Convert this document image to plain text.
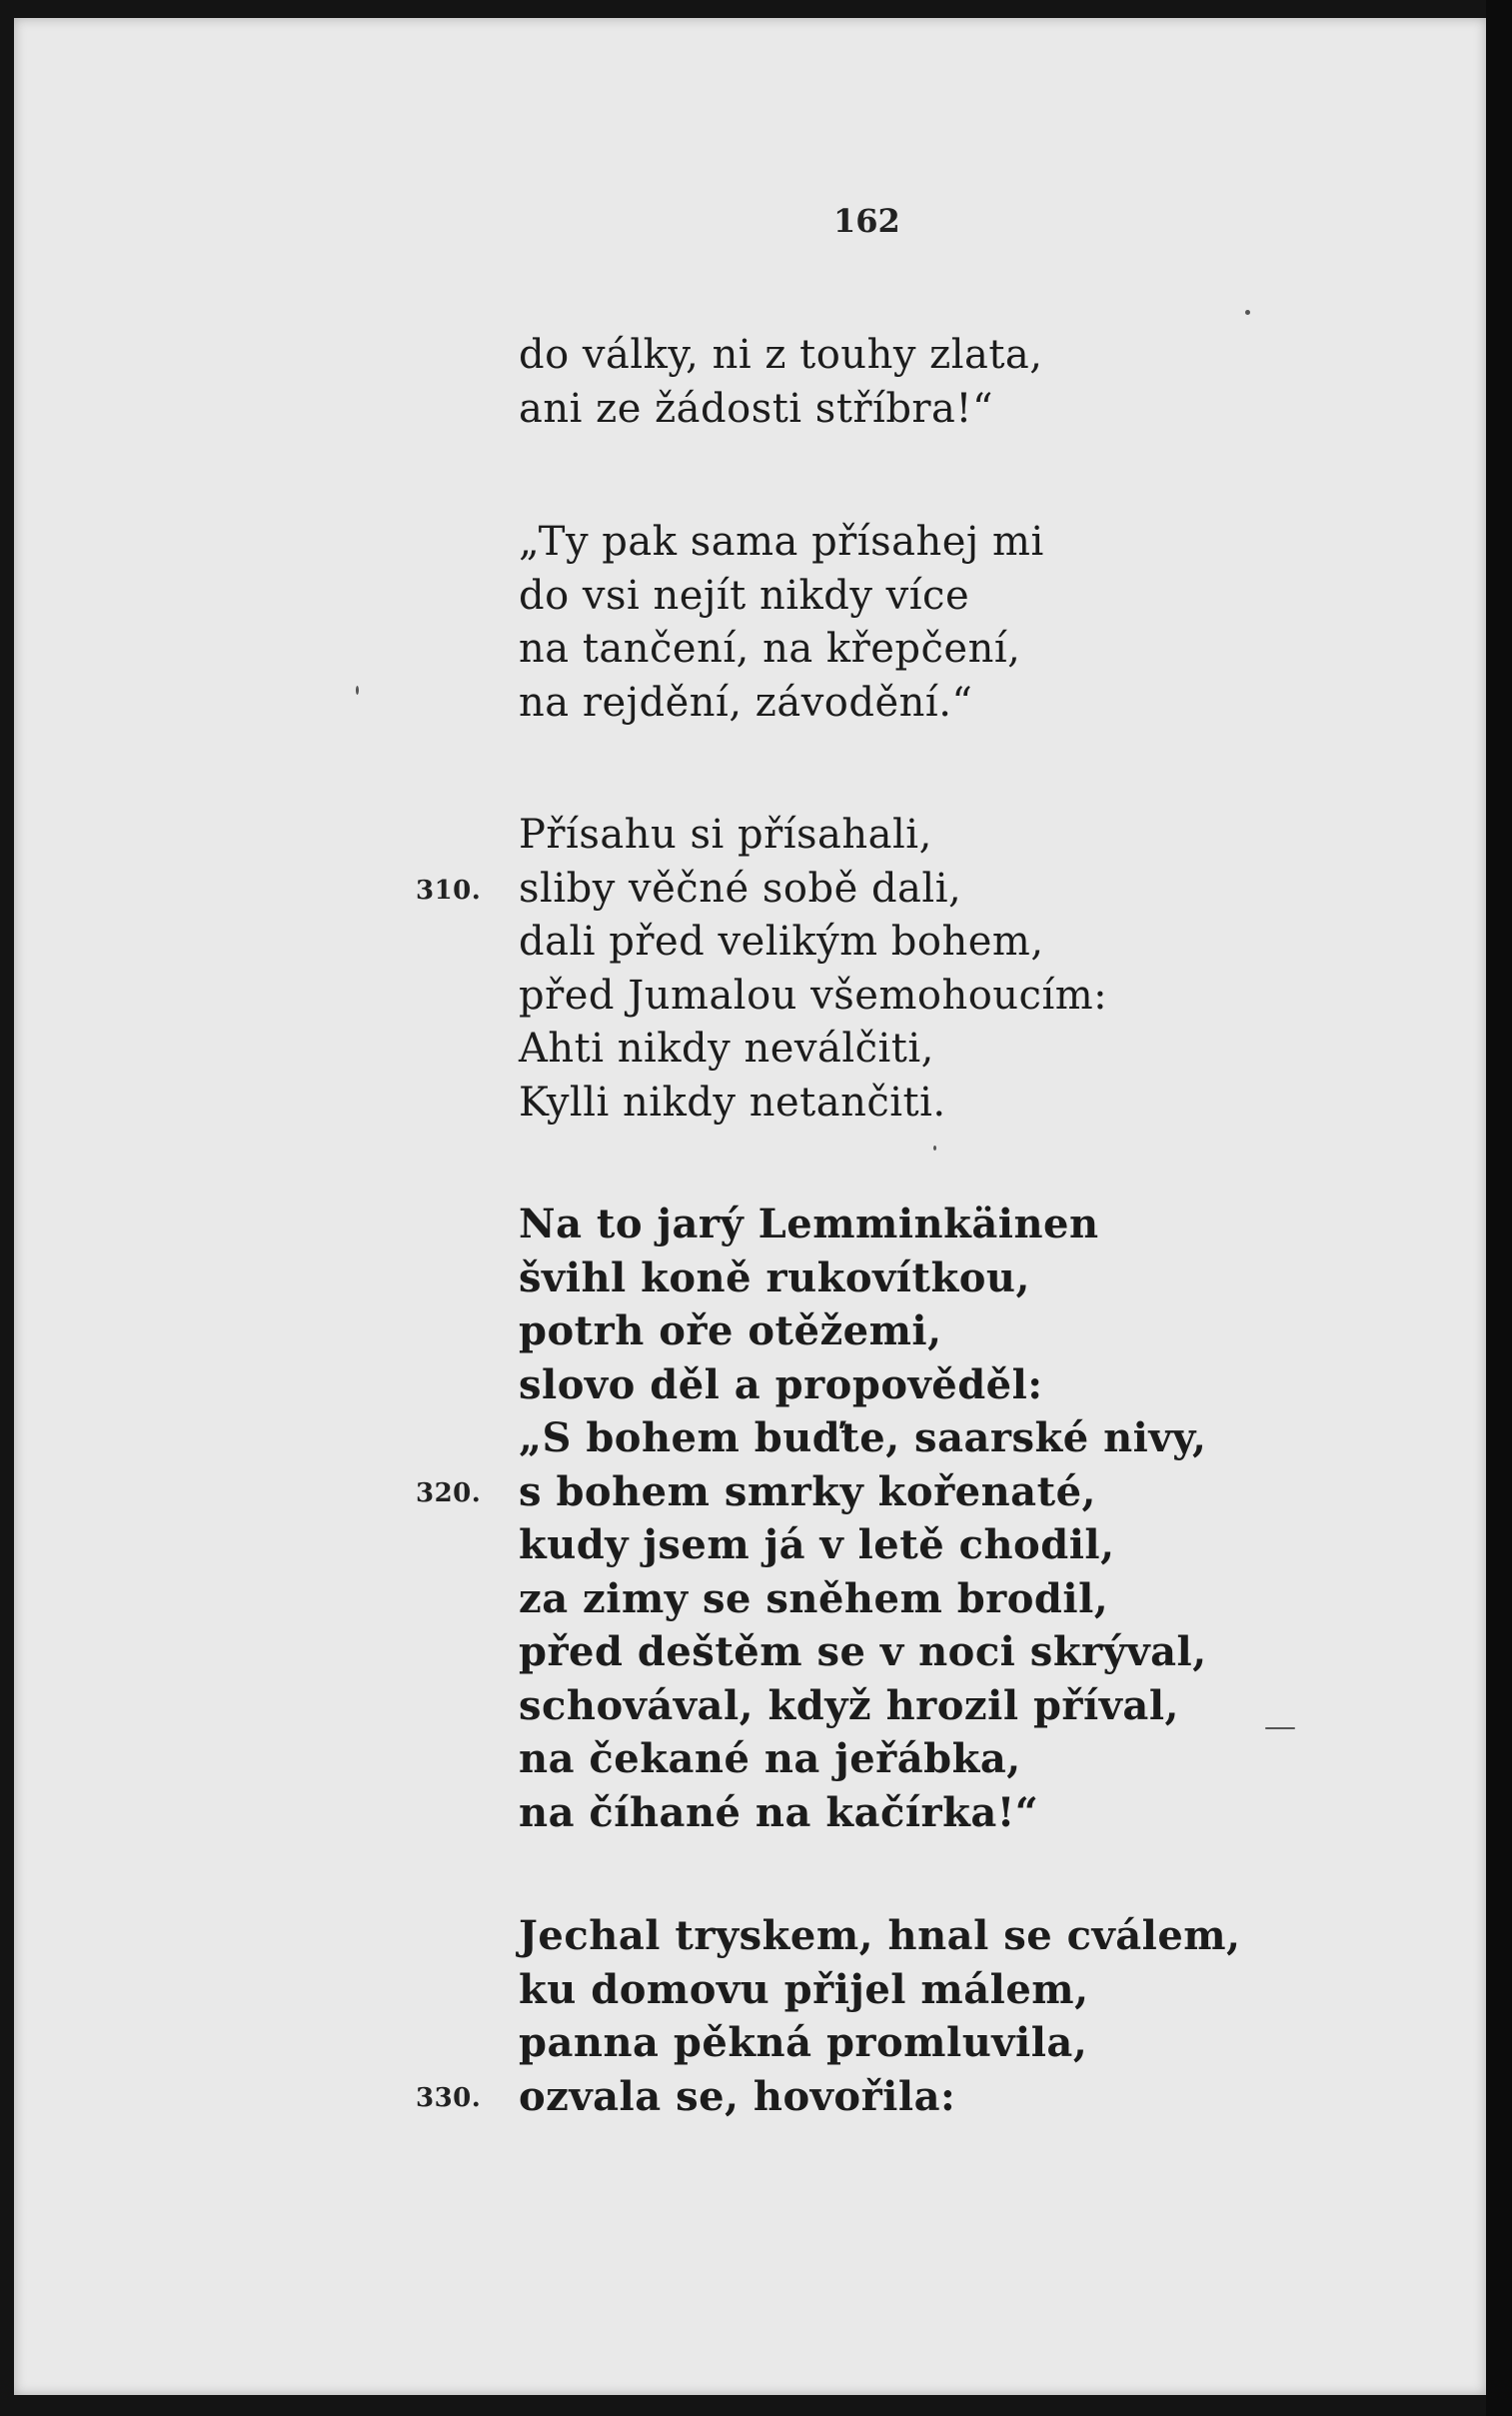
162
do války, ni z touhy zlata,
ani ze žádosti stříbra!“
„Ty pak sama přísahej mi
do vsi nejít nikdy více
na tančení, na křepčení,
na rejdění, závodění.“
Přísahu si přísahali,
310. sliby věčné sobě dali,
dali před velikým bohem,
před Jumalou všemohoucím:
Ahti nikdy neválčiti,
Kylli nikdy netančiti.
Na to jarý Lemminkäinen
švihl koně rukovítkou,
potrh oře otěžemi,
slovo děl a propověděl:
„S bohem buďte, saarské nivy,
320. s bohem smrky kořenaté,
kudy jsem já v letě chodil,
za zimy se sněhem brodil,
před deštěm se v noci skrýval,
schovával, když hrozil příval,
na čekané na jeřábka,
na číhané na kačírka!“
Jechal tryskem, hnal se cválem,
ku domovu přijel málem,
panna pěkná promluvila,
330. ozvala se, hovořila:
